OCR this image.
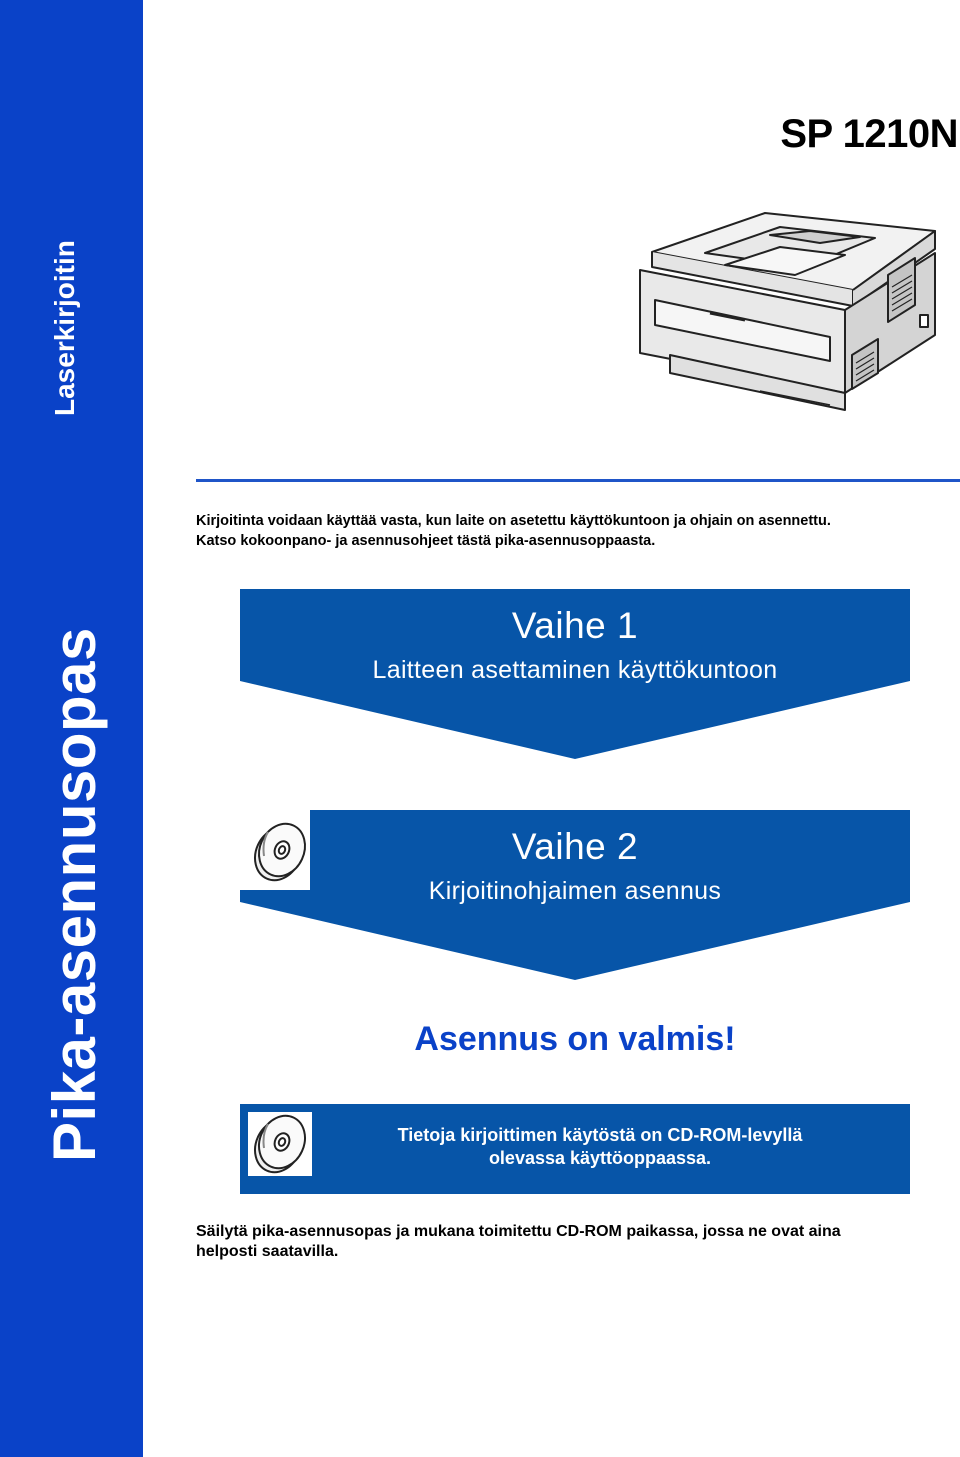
Laserkirjoitin
Pika-asennusopas
SP 1210N
Kirjoitinta voidaan käyttää vasta, kun laite on asetettu käyttökuntoon ja ohjain on asennettu.
Katso kokoonpano- ja asennusohjeet tästä pika-asennusoppaasta.
Vaihe 1
Laitteen asettaminen käyttökuntoon
Vaihe 2
Kirjoitinohjaimen asennus
Asennus on valmis!
Tietoja kirjoittimen käytöstä on CD-ROM-levyllä
olevassa käyttöoppaassa.
Säilytä pika-asennusopas ja mukana toimitettu CD-ROM paikassa, jossa ne ovat aina
helposti saatavilla.
